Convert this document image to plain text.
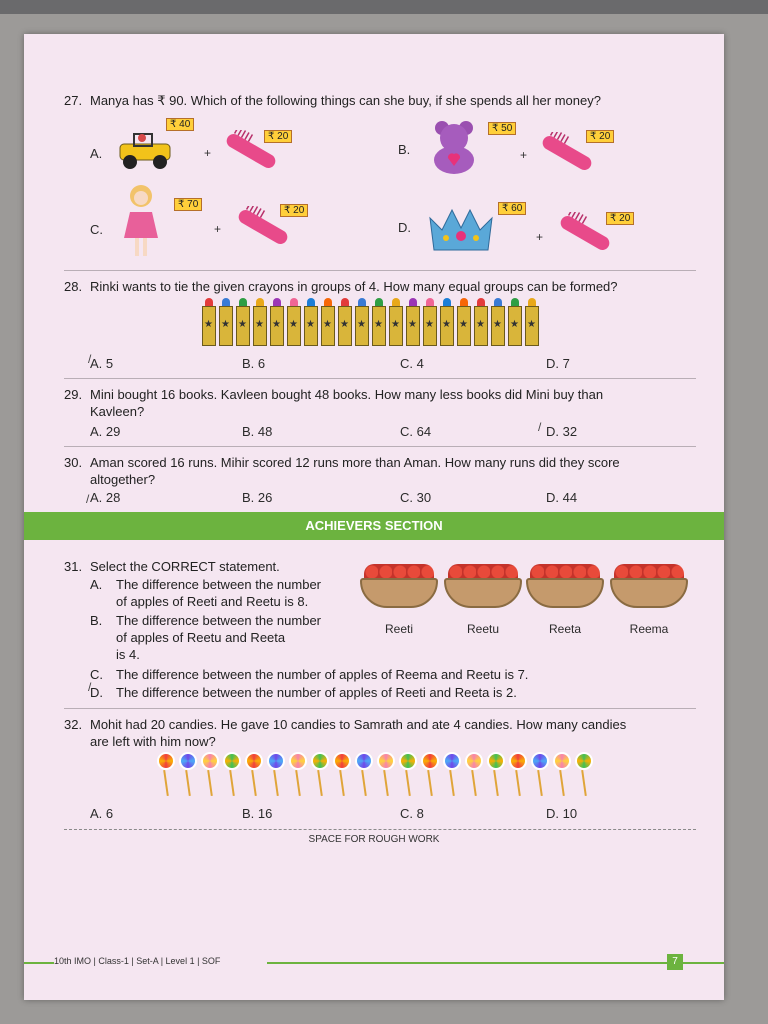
27. Manya has ₹ 90. Which of the following things can she buy, if she spends all her money?
A.
₹ 40
+
₹ 20
B.
₹ 50
+
₹ 20
C.
₹ 70
+
₹ 20
D.
₹ 60
+
₹ 20
28. Rinki wants to tie the given crayons in groups of 4. How many equal groups can be formed?
★
★
★
★
★
★
★
★
★
★
★
★
★
★
★
★
★
★
★
★
A. 5	B. 6	C. 4	D. 7
/
29. Mini bought 16 books. Kavleen bought 48 books. How many less books did Mini buy than
Kavleen?
A. 29	B. 48	C. 64	D. 32
/
30. Aman scored 16 runs. Mihir scored 12 runs more than Aman. How many runs did they score
altogether?
A. 28	B. 26	C. 30	D. 44
/
ACHIEVERS SECTION
31. Select the CORRECT statement.
A. The difference between the number
of apples of Reeti and Reetu is 8.
B. The difference between the number
of apples of Reetu and Reeta
is 4.
C. The difference between the number of apples of Reema and Reetu is 7.
D. The difference between the number of apples of Reeti and Reeta is 2.
/
Reeti	Reetu	Reeta	Reema
32. Mohit had 20 candies. He gave 10 candies to Samrath and ate 4 candies. How many candies
are left with him now?
A. 6	B. 16	C. 8	D. 10
SPACE FOR ROUGH WORK
10th IMO | Class-1 | Set-A | Level 1 | SOF	7
